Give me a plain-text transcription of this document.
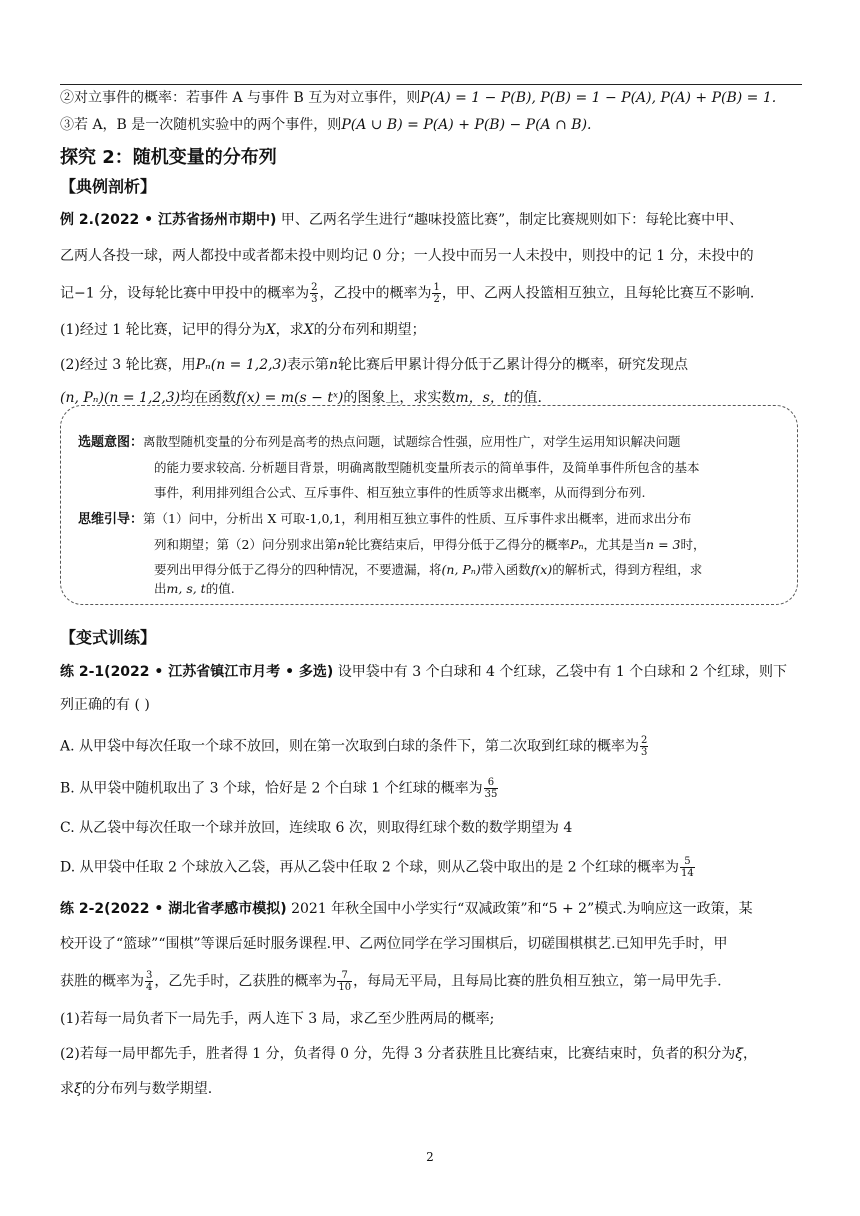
②对立事件的概率：若事件 A 与事件 B 互为对立事件，则P(A) = 1 − P(B), P(B) = 1 − P(A), P(A) + P(B) = 1.
③若 A，B 是一次随机实验中的两个事件，则P(A ∪ B) = P(A) + P(B) − P(A ∩ B).
探究 2：随机变量的分布列
【典例剖析】
例 2.(2022 • 江苏省扬州市期中) 甲、乙两名学生进行“趣味投篮比赛”，制定比赛规则如下：每轮比赛中甲、
乙两人各投一球，两人都投中或者都未投中则均记 0 分；一人投中而另一人未投中，则投中的记 1 分，未投中的
记−1 分，设每轮比赛中甲投中的概率为 $\frac{2}{3}$ ，乙投中的概率为 $\frac{1}{2}$ ，甲、乙两人投篮相互独立，且每轮比赛互不影响.
(1)经过 1 轮比赛，记甲的得分为X，求X的分布列和期望；
(2)经过 3 轮比赛，用Pₙ(n = 1,2,3)表示第n轮比赛后甲累计得分低于乙累计得分的概率，研究发现点
(n, Pₙ)(n = 1,2,3)均在函数f(x) = m(s − tˣ)的图象上，求实数m，s，t的值.
选题意图：离散型随机变量的分布列是高考的热点问题，试题综合性强，应用性广，对学生运用知识解决问题
的能力要求较高. 分析题目背景，明确离散型随机变量所表示的简单事件，及简单事件所包含的基本
事件，利用排列组合公式、互斥事件、相互独立事件的性质等求出概率，从而得到分布列.
思维引导：第（1）问中，分析出 X 可取-1,0,1，利用相互独立事件的性质、互斥事件求出概率，进而求出分布
列和期望；第（2）问分别求出第n轮比赛结束后，甲得分低于乙得分的概率Pₙ，尤其是当n = 3时，
要列出甲得分低于乙得分的四种情况，不要遗漏，将(n, Pₙ)带入函数f(x)的解析式，得到方程组，求
出m, s, t的值.
【变式训练】
练 2-1(2022 • 江苏省镇江市月考 • 多选) 设甲袋中有 3 个白球和 4 个红球，乙袋中有 1 个白球和 2 个红球，则下
列正确的有 ( )
A. 从甲袋中每次任取一个球不放回，则在第一次取到白球的条件下，第二次取到红球的概率为 $\frac{2}{3}$
B. 从甲袋中随机取出了 3 个球，恰好是 2 个白球 1 个红球的概率为 $\frac{6}{35}$
C. 从乙袋中每次任取一个球并放回，连续取 6 次，则取得红球个数的数学期望为 4
D. 从甲袋中任取 2 个球放入乙袋，再从乙袋中任取 2 个球，则从乙袋中取出的是 2 个红球的概率为 $\frac{5}{14}$
练 2-2(2022 • 湖北省孝感市模拟) 2021 年秋全国中小学实行“双减政策”和“5 + 2”模式.为响应这一政策，某
校开设了“篮球”“围棋”等课后延时服务课程.甲、乙两位同学在学习围棋后，切磋围棋棋艺.已知甲先手时，甲
获胜的概率为 $\frac{3}{4}$ ，乙先手时，乙获胜的概率为 $\frac{7}{10}$ ，每局无平局，且每局比赛的胜负相互独立，第一局甲先手.
(1)若每一局负者下一局先手，两人连下 3 局，求乙至少胜两局的概率;
(2)若每一局甲都先手，胜者得 1 分，负者得 0 分，先得 3 分者获胜且比赛结束，比赛结束时，负者的积分为ξ，
求ξ的分布列与数学期望.
2
